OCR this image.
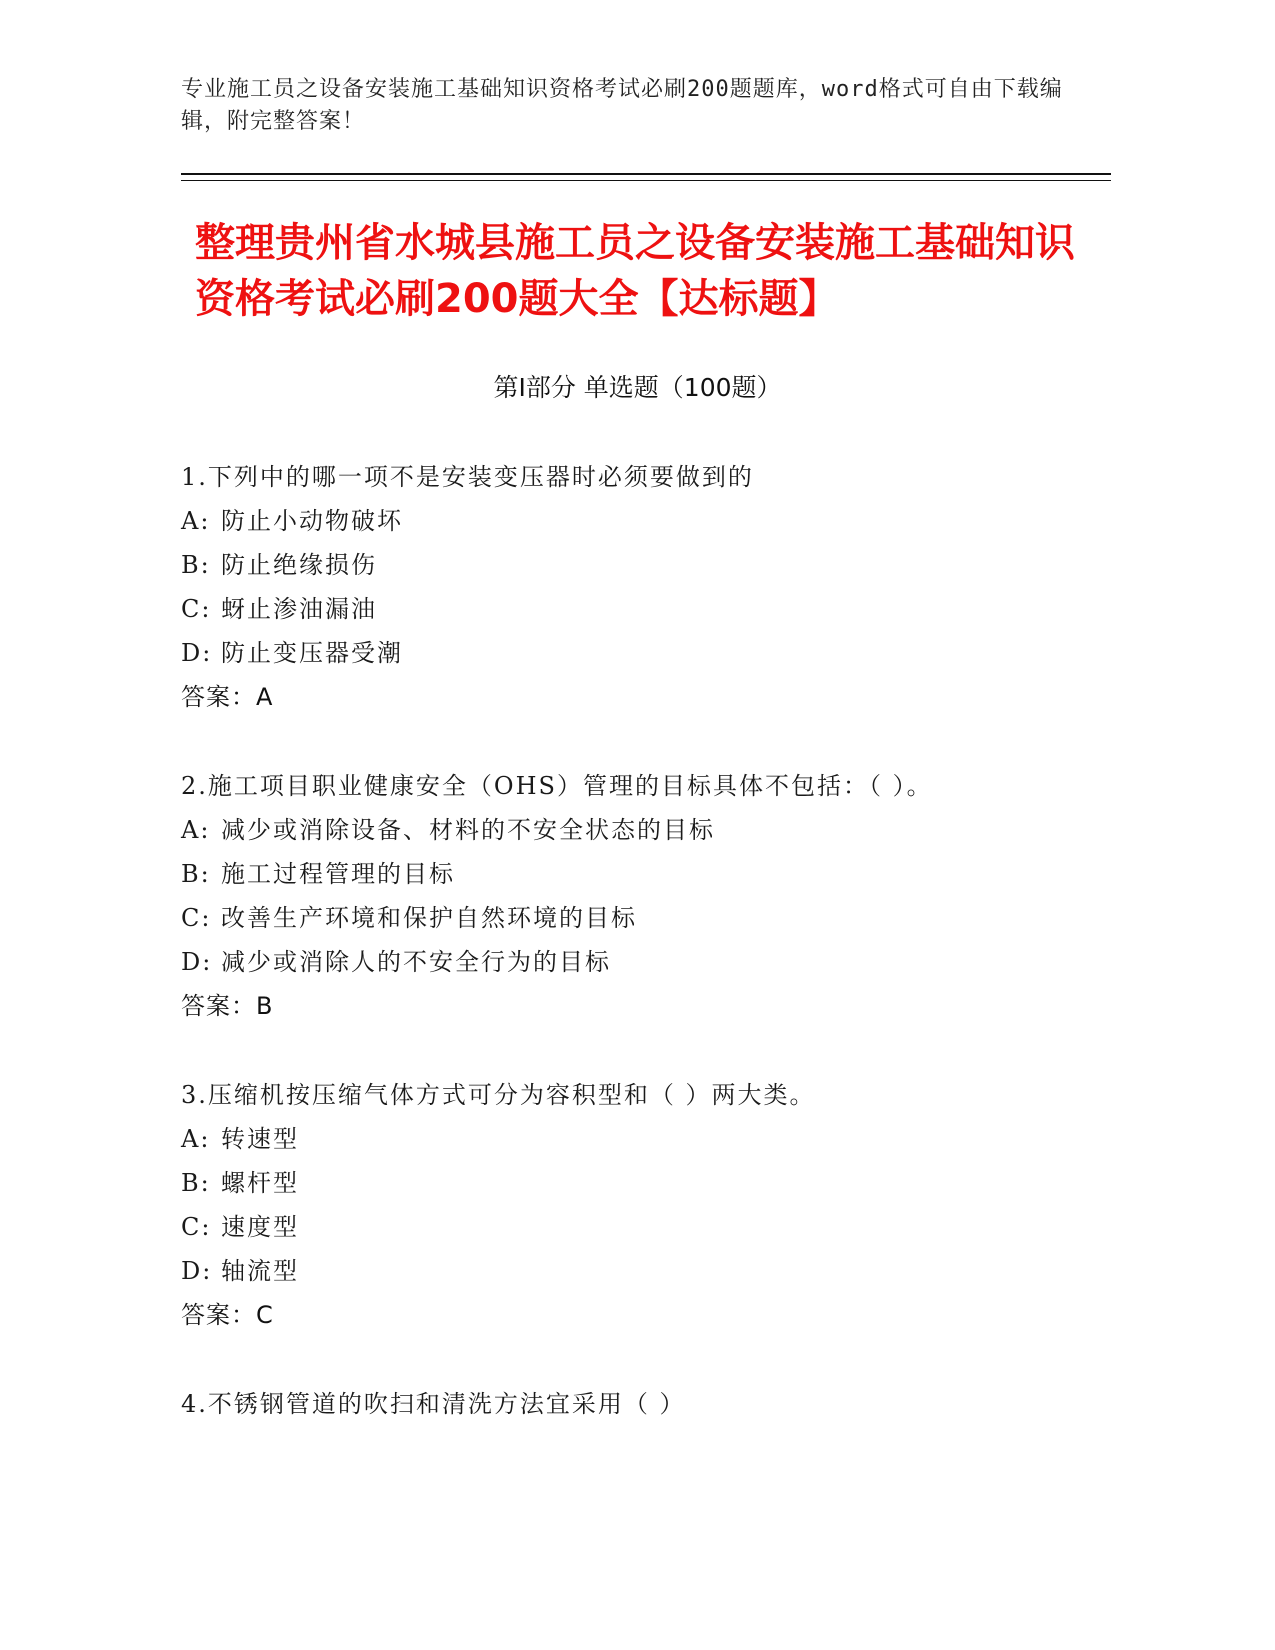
专业施工员之设备安装施工基础知识资格考试必刷200题题库，word格式可自由下载编辑，附完整答案！
整理贵州省水城县施工员之设备安装施工基础知识资格考试必刷200题大全【达标题】
第I部分 单选题（100题）
1.下列中的哪一项不是安装变压器时必须要做到的
A: 防止小动物破坏
B: 防止绝缘损伤
C: 蚜止渗油漏油
D: 防止变压器受潮
答案：A
2.施工项目职业健康安全（OHS）管理的目标具体不包括：（ ）。
A: 减少或消除设备、材料的不安全状态的目标
B: 施工过程管理的目标
C: 改善生产环境和保护自然环境的目标
D: 减少或消除人的不安全行为的目标
答案：B
3.压缩机按压缩气体方式可分为容积型和（ ）两大类。
A: 转速型
B: 螺杆型
C: 速度型
D: 轴流型
答案：C
4.不锈钢管道的吹扫和清洗方法宜采用（ ）
